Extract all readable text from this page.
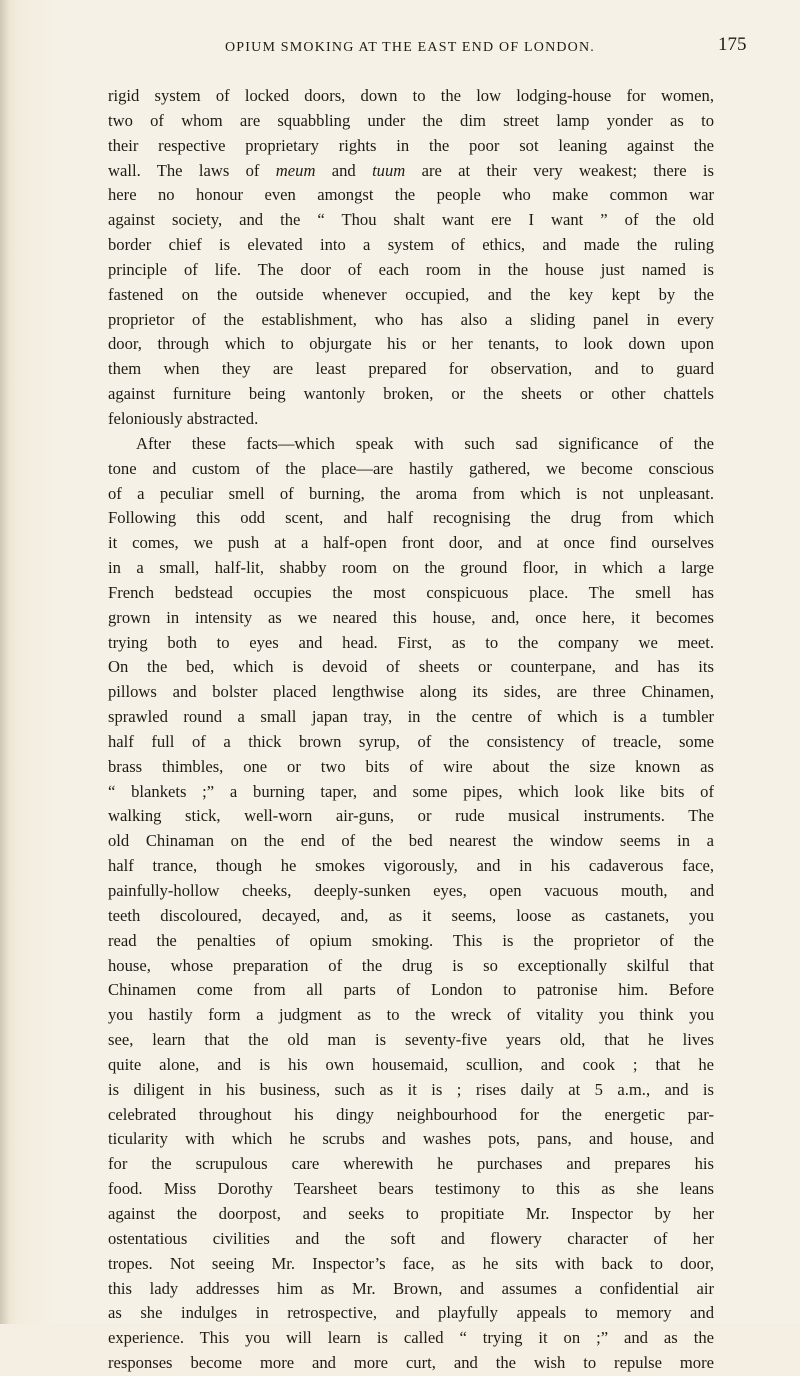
OPIUM SMOKING AT THE EAST END OF LONDON.	175
rigid system of locked doors, down to the low lodging-house for women,
two of whom are squabbling under the dim street lamp yonder as to
their respective proprietary rights in the poor sot leaning against the
wall. The laws of meum and tuum are at their very weakest; there is
here no honour even amongst the people who make common war
against society, and the “ Thou shalt want ere I want ” of the old
border chief is elevated into a system of ethics, and made the ruling
principle of life. The door of each room in the house just named is
fastened on the outside whenever occupied, and the key kept by the
proprietor of the establishment, who has also a sliding panel in every
door, through which to objurgate his or her tenants, to look down upon
them when they are least prepared for observation, and to guard
against furniture being wantonly broken, or the sheets or other chattels
feloniously abstracted.
After these facts—which speak with such sad significance of the
tone and custom of the place—are hastily gathered, we become conscious
of a peculiar smell of burning, the aroma from which is not unpleasant.
Following this odd scent, and half recognising the drug from which
it comes, we push at a half-open front door, and at once find ourselves
in a small, half-lit, shabby room on the ground floor, in which a large
French bedstead occupies the most conspicuous place. The smell has
grown in intensity as we neared this house, and, once here, it becomes
trying both to eyes and head. First, as to the company we meet.
On the bed, which is devoid of sheets or counterpane, and has its
pillows and bolster placed lengthwise along its sides, are three Chinamen,
sprawled round a small japan tray, in the centre of which is a tumbler
half full of a thick brown syrup, of the consistency of treacle, some
brass thimbles, one or two bits of wire about the size known as
“ blankets ;” a burning taper, and some pipes, which look like bits of
walking stick, well-worn air-guns, or rude musical instruments. The
old Chinaman on the end of the bed nearest the window seems in a
half trance, though he smokes vigorously, and in his cadaverous face,
painfully-hollow cheeks, deeply-sunken eyes, open vacuous mouth, and
teeth discoloured, decayed, and, as it seems, loose as castanets, you
read the penalties of opium smoking. This is the proprietor of the
house, whose preparation of the drug is so exceptionally skilful that
Chinamen come from all parts of London to patronise him. Before
you hastily form a judgment as to the wreck of vitality you think you
see, learn that the old man is seventy-five years old, that he lives
quite alone, and is his own housemaid, scullion, and cook ; that he
is diligent in his business, such as it is ; rises daily at 5 a.m., and is
celebrated throughout his dingy neighbourhood for the energetic par-
ticularity with which he scrubs and washes pots, pans, and house, and
for the scrupulous care wherewith he purchases and prepares his
food. Miss Dorothy Tearsheet bears testimony to this as she leans
against the doorpost, and seeks to propitiate Mr. Inspector by her
ostentatious civilities and the soft and flowery character of her
tropes. Not seeing Mr. Inspector’s face, as he sits with back to door,
this lady addresses him as Mr. Brown, and assumes a confidential air
as she indulges in retrospective, and playfully appeals to memory and
experience. This you will learn is called “ trying it on ;” and as the
responses become more and more curt, and the wish to repulse more
